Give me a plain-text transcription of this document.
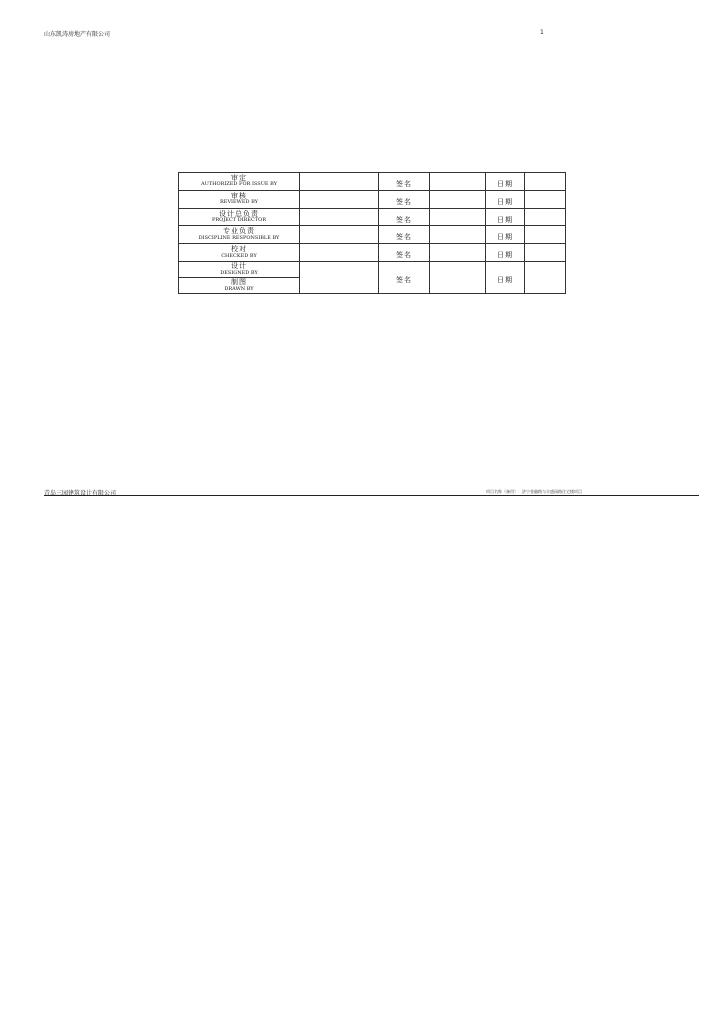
山东凯涛房地产有限公司	1
审定
AUTHORIZED FOR ISSUE BY		签名		日期	

审核
REVIEWED BY		签名		日期	

设计总负责
PROJECT DIRECTOR		签名		日期	

专业负责
DISCIPLINE RESPONSIBLE BY		签名		日期	

校对
CHECKED BY		签名		日期	

设计
DESIGNED BY		签名		日期	

制图
DRAWN BY					
青岛三园建筑设计有限公司	项目名称（备用）：济宁金融路与丰盛园路住宅楼项目
